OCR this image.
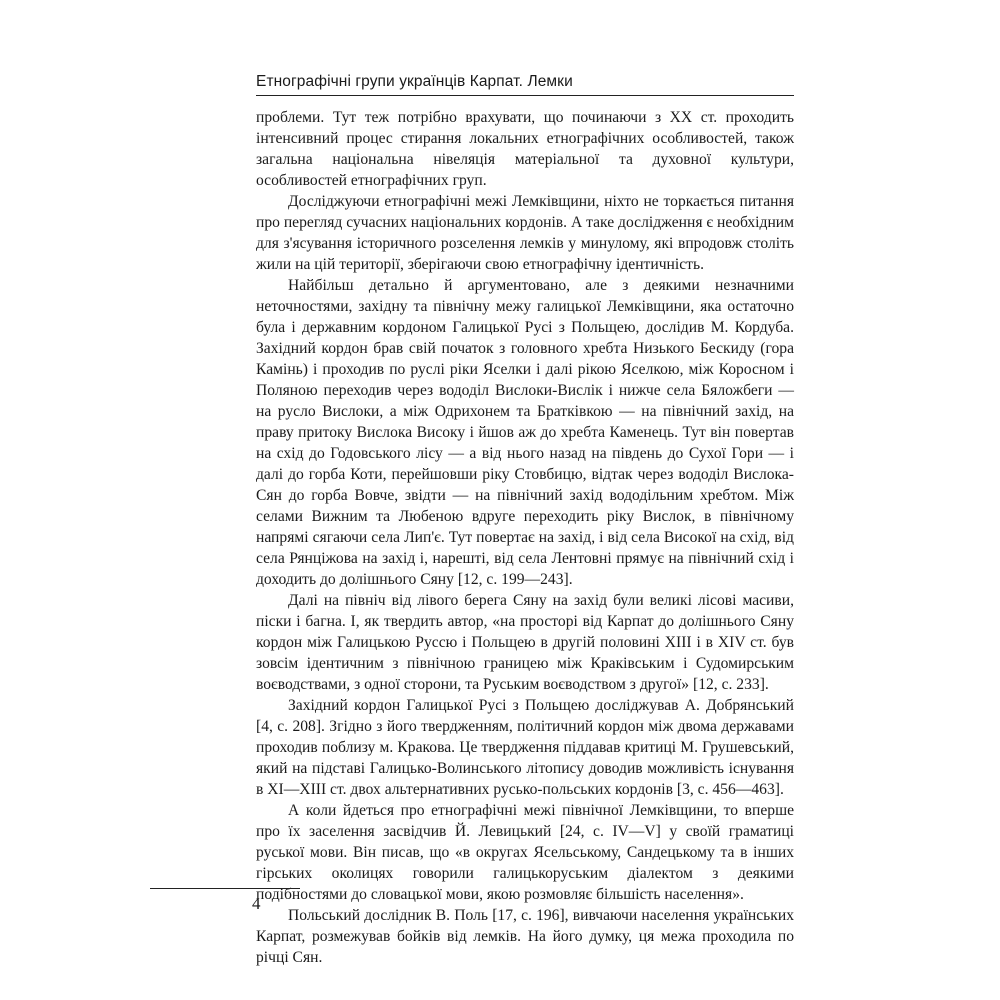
Етнографічні групи українців Карпат. Лемки

проблеми. Тут теж потрібно врахувати, що починаючи з XX ст. проходить інтенсивний процес стирання локальних етнографічних особливостей, також загальна національна нівеляція матеріальної та духовної культури, особливостей етнографічних груп.

Досліджуючи етнографічні межі Лемківщини, ніхто не торкається питання про перегляд сучасних національних кордонів. А таке дослідження є необхідним для з'ясування історичного розселення лемків у минулому, які впродовж століть жили на цій території, зберігаючи свою етнографічну ідентичність.

Найбільш детально й аргументовано, але з деякими незначними неточностями, західну та північну межу галицької Лемківщини, яка остаточно була і державним кордоном Галицької Русі з Польщею, дослідив М. Кордуба. Західний кордон брав свій початок з головного хребта Низького Бескиду (гора Камінь) і проходив по руслі ріки Яселки і далі рікою Яселкою, між Коросном і Поляною переходив через вододіл Вислоки-Вислік і нижче села Бяложбеги — на русло Вислоки, а між Одрихонем та Братківкою — на північний захід, на праву притоку Вислока Високу і йшов аж до хребта Каменець. Тут він повертав на схід до Годовського лісу — а від нього назад на південь до Сухої Гори — і далі до горба Коти, перейшовши ріку Стовбицю, відтак через вододіл Вислока-Сян до горба Вовче, звідти — на північний захід вододільним хребтом. Між селами Вижним та Любеною вдруге переходить ріку Вислок, в північному напрямі сягаючи села Лип'є. Тут повертає на захід, і від села Високої на схід, від села Рянціжова на захід і, нарешті, від села Лентовні прямує на північний схід і доходить до долішнього Сяну [12, с. 199—243].

Далі на північ від лівого берега Сяну на захід були великі лісові масиви, піски і багна. І, як твердить автор, «на просторі від Карпат до долішнього Сяну кордон між Галицькою Руссю і Польщею в другій половині XIII і в XIV ст. був зовсім ідентичним з північною границею між Краківським і Судомирським воєводствами, з одної сторони, та Руським воєводством з другої» [12, с. 233].

Західний кордон Галицької Русі з Польщею досліджував А. Добрянський [4, с. 208]. Згідно з його твердженням, політичний кордон між двома державами проходив поблизу м. Кракова. Це твердження піддавав критиці М. Грушевський, який на підставі Галицько-Волинського літопису доводив можливість існування в XI—XIII ст. двох альтернативних русько-польських кордонів [3, с. 456—463].

А коли йдеться про етнографічні межі північної Лемківщини, то вперше про їх заселення засвідчив Й. Левицький [24, с. IV—V] у своїй граматиці руської мови. Він писав, що «в округах Ясельському, Сандецькому та в інших гірських околицях говорили галицькоруським діалектом з деякими подібностями до словацької мови, якою розмовляє більшість населення».

Польський дослідник В. Поль [17, с. 196], вивчаючи населення українських Карпат, розмежував бойків від лемків. На його думку, ця межа проходила по річці Сян.

4
